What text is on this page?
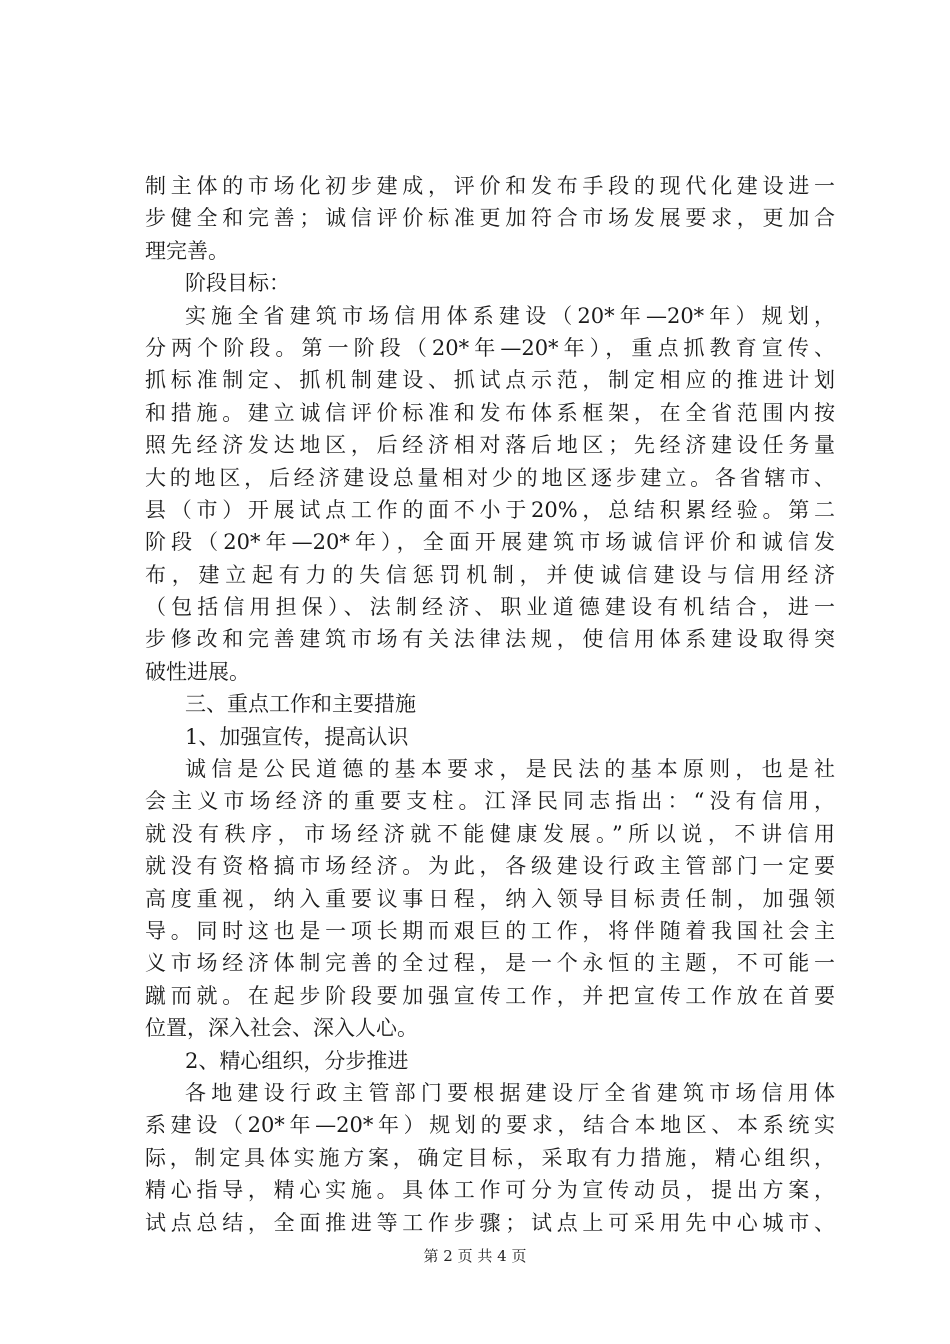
制主体的市场化初步建成，评价和发布手段的现代化建设进一
步健全和完善；诚信评价标准更加符合市场发展要求，更加合
理完善。
阶段目标：
实施全省建筑市场信用体系建设（20*年—20*年）规划，
分两个阶段。第一阶段（20*年—20*年），重点抓教育宣传、
抓标准制定、抓机制建设、抓试点示范，制定相应的推进计划
和措施。建立诚信评价标准和发布体系框架，在全省范围内按
照先经济发达地区，后经济相对落后地区；先经济建设任务量
大的地区，后经济建设总量相对少的地区逐步建立。各省辖市、
县（市）开展试点工作的面不小于20%，总结积累经验。第二
阶段（20*年—20*年），全面开展建筑市场诚信评价和诚信发
布，建立起有力的失信惩罚机制，并使诚信建设与信用经济
（包括信用担保）、法制经济、职业道德建设有机结合，进一
步修改和完善建筑市场有关法律法规，使信用体系建设取得突
破性进展。
三、重点工作和主要措施
1、加强宣传，提高认识
诚信是公民道德的基本要求，是民法的基本原则，也是社
会主义市场经济的重要支柱。江泽民同志指出：“没有信用，
就没有秩序，市场经济就不能健康发展。”所以说，不讲信用
就没有资格搞市场经济。为此，各级建设行政主管部门一定要
高度重视，纳入重要议事日程，纳入领导目标责任制，加强领
导。同时这也是一项长期而艰巨的工作，将伴随着我国社会主
义市场经济体制完善的全过程，是一个永恒的主题，不可能一
蹴而就。在起步阶段要加强宣传工作，并把宣传工作放在首要
位置，深入社会、深入人心。
2、精心组织，分步推进
各地建设行政主管部门要根据建设厅全省建筑市场信用体
系建设（20*年—20*年）规划的要求，结合本地区、本系统实
际，制定具体实施方案，确定目标，采取有力措施，精心组织，
精心指导，精心实施。具体工作可分为宣传动员，提出方案，
试点总结，全面推进等工作步骤；试点上可采用先中心城市、
第 2 页 共 4 页
